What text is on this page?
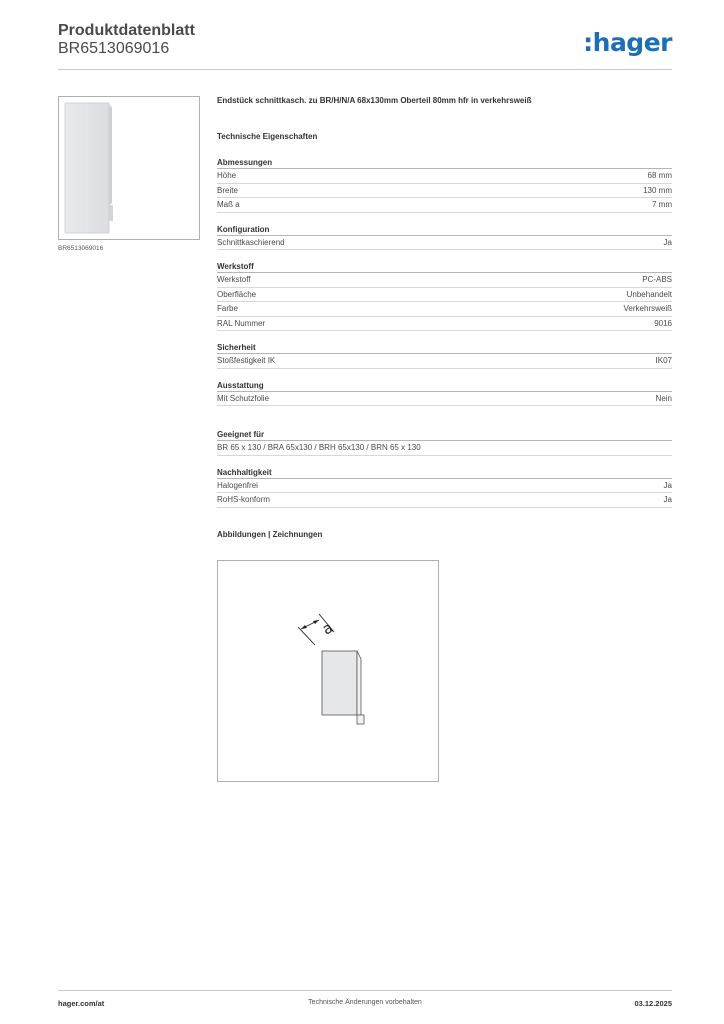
Produktdatenblatt
BR6513069016	:hager
BR6513069016
Endstück schnittkasch. zu BR/H/N/A 68x130mm Oberteil 80mm hfr in verkehrsweiß
Technische Eigenschaften
Abmessungen
Höhe	68 mm
Breite	130 mm
Maß a	7 mm
Konfiguration
Schnittkaschierend	Ja
Werkstoff
Werkstoff	PC-ABS
Oberfläche	Unbehandelt
Farbe	Verkehrsweiß
RAL Nummer	9016
Sicherheit
Stoßfestigkeit IK	IK07
Ausstattung
Mit Schutzfolie	Nein
Geeignet für
BR 65 x 130 / BRA 65x130 / BRH 65x130 / BRN 65 x 130
Nachhaltigkeit
Halogenfrei	Ja
RoHS-konform	Ja
Abbildungen | Zeichnungen
a
hager.com/at	Technische Änderungen vorbehalten	03.12.2025
